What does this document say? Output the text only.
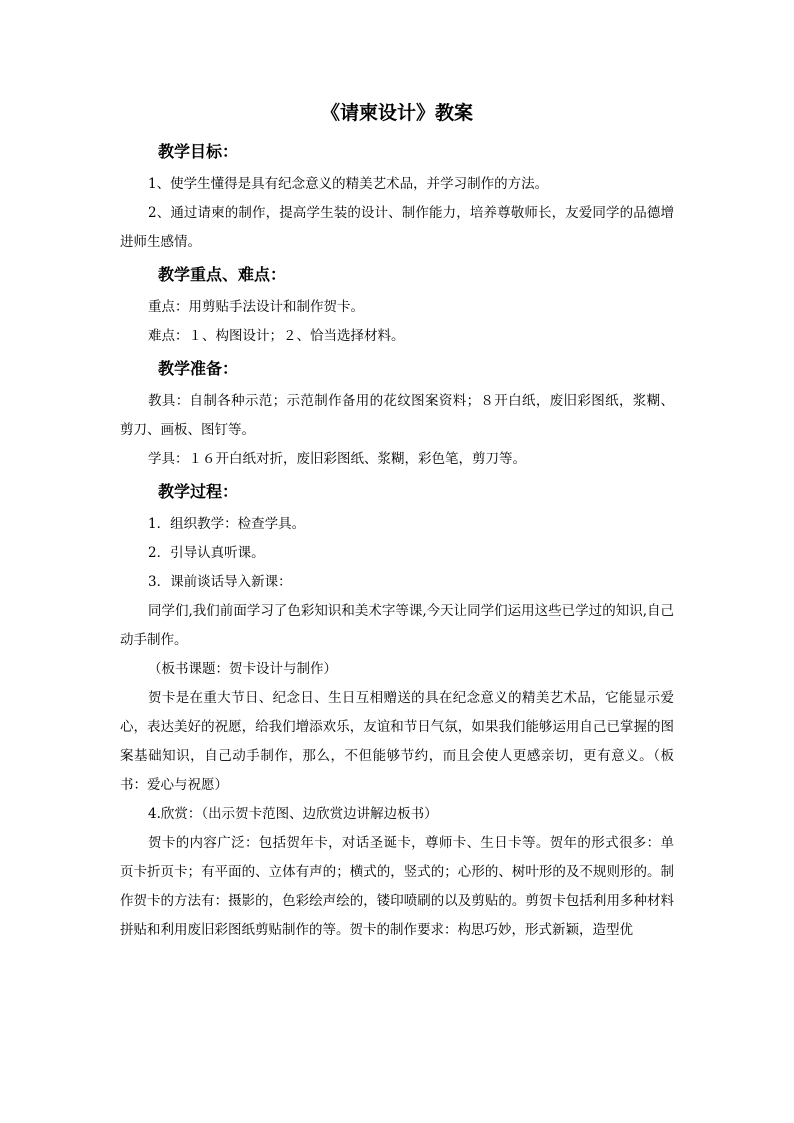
《请柬设计》教案
教学目标：

1、使学生懂得是具有纪念意义的精美艺术品，并学习制作的方法。

2、通过请柬的制作，提高学生装的设计、制作能力，培养尊敬师长，友爱同学的品德增进师生感情。

教学重点、难点：

重点：用剪贴手法设计和制作贺卡。

难点：１、构图设计；２、恰当选择材料。

教学准备：

教具：自制各种示范；示范制作备用的花纹图案资料；８开白纸，废旧彩图纸，浆糊、剪刀、画板、图钉等。

学具：１６开白纸对折，废旧彩图纸、浆糊，彩色笔，剪刀等。

教学过程：

1．组织教学：检查学具。

2．引导认真听课。

3．课前谈话导入新课：

同学们,我们前面学习了色彩知识和美术字等课,今天让同学们运用这些已学过的知识,自己动手制作。

（板书课题：贺卡设计与制作）

贺卡是在重大节日、纪念日、生日互相赠送的具在纪念意义的精美艺术品，它能显示爱心，表达美好的祝愿，给我们增添欢乐，友谊和节日气氛，如果我们能够运用自己已掌握的图案基础知识，自己动手制作，那么，不但能够节约，而且会使人更感亲切，更有意义。（板书：爱心与祝愿）

4.欣赏：（出示贺卡范图、边欣赏边讲解边板书）

贺卡的内容广泛：包括贺年卡，对话圣诞卡，尊师卡、生日卡等。贺年的形式很多：单页卡折页卡；有平面的、立体有声的；横式的，竖式的；心形的、树叶形的及不规则形的。制作贺卡的方法有：摄影的，色彩绘声绘的，镂印喷刷的以及剪贴的。剪贺卡包括利用多种材料拼贴和利用废旧彩图纸剪贴制作的等。贺卡的制作要求：构思巧妙，形式新颖，造型优
